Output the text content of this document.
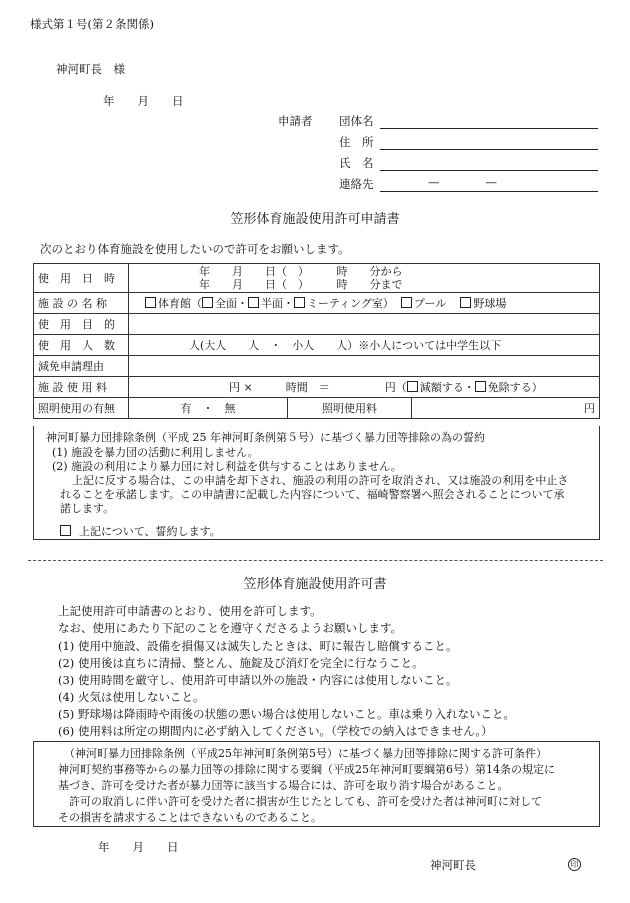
様式第１号(第２条関係)
神河町長　様
年　　月　　日
申請者 団体名
住　所
氏　名
連絡先	—　　　　—
笠形体育施設使用許可申請書
次のとおり体育施設を使用したいので許可をお願いします。
使　用　日　時	年　　月　　日（　）　　　時　　分から
年　　月　　日（　）　　　時　　分まで		

施 設 の 名 称	体育館（ 全面・ 半面・ ミーティング室） プール 野球場		
使　用　目　的			
使　用　人　数	人(大人　　人　・　小人　　人）※小人については中学生以下		
減免申請理由			
施 設 使 用 料	円 ×　　　時間　＝　　　　　円（ 減額する・ 免除する）		
照明使用の有無	有　・　無	照明使用料	円
神河町暴力団排除条例（平成 25 年神河町条例第５号）に基づく暴力団等排除の為の誓約
(1) 施設を暴力団の活動に利用しません。
(2) 施設の利用により暴力団に対し利益を供与することはありません。
上記に反する場合は、この申請を却下され、施設の利用の許可を取消され、又は施設の利用を中止さ
れることを承諾します。この申請書に記載した内容について、福崎警察署へ照会されることについて承
諾します。
上記について、誓約します。
笠形体育施設使用許可書
上記使用許可申請書のとおり、使用を許可します。
なお、使用にあたり下記のことを遵守くださるようお願いします。
(1) 使用中施設、設備を損傷又は滅失したときは、町に報告し賠償すること。
(2) 使用後は直ちに清掃、整とん、施錠及び消灯を完全に行なうこと。
(3) 使用時間を厳守し、使用許可申請以外の施設・内容には使用しないこと。
(4) 火気は使用しないこと。
(5) 野球場は降雨時や雨後の状態の悪い場合は使用しないこと。車は乗り入れないこと。
(6) 使用料は所定の期間内に必ず納入してください。（学校での納入はできません。）
（神河町暴力団排除条例（平成25年神河町条例第5号）に基づく暴力団等排除に関する許可条件）
神河町契約事務等からの暴力団等の排除に関する要綱（平成25年神河町要綱第6号）第14条の規定に
基づき、許可を受けた者が暴力団等に該当する場合には、許可を取り消す場合があること。
　許可の取消しに伴い許可を受けた者に損害が生じたとしても、許可を受けた者は神河町に対して
その損害を請求することはできないものであること。
年　　月　　日
神河町長	印
